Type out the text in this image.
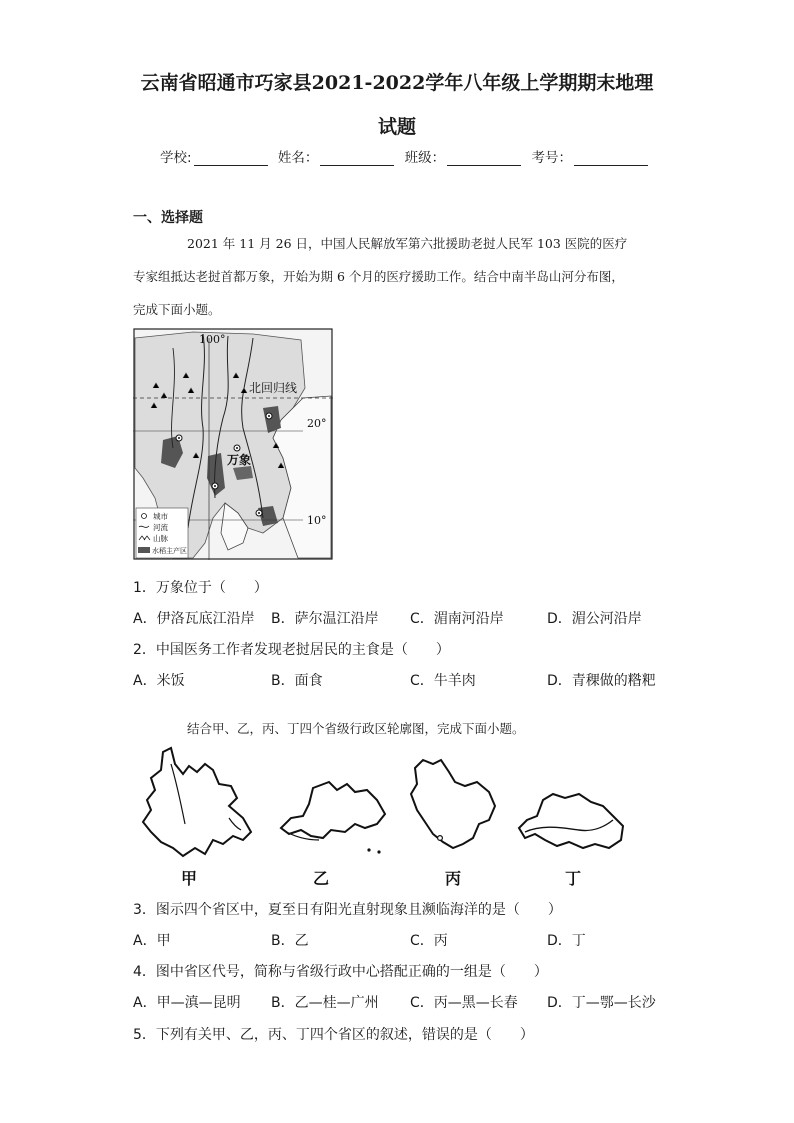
云南省昭通市巧家县2021-2022学年八年级上学期期末地理
试题
学校:	姓名：	班级：	考号：
一、选择题
2021 年 11 月 26 日，中国人民解放军第六批援助老挝人民军 103 医院的医疗
专家组抵达老挝首都万象，开始为期 6 个月的医疗援助工作。结合中南半岛山河分布图，
完成下面小题。
100°
北回归线
20°
10°
万象
城市
河流
山脉
水稻主产区
1．万象位于（　　）
A．伊洛瓦底江沿岸 B．萨尔温江沿岸 C．湄南河沿岸	D．湄公河沿岸
2．中国医务工作者发现老挝居民的主食是（　　）
A．米饭	B．面食	C．牛羊肉	D．青稞做的糌粑
结合甲、乙，丙、丁四个省级行政区轮廓图，完成下面小题。
甲	乙	丙	丁
3．图示四个省区中，夏至日有阳光直射现象且濒临海洋的是（　　）
A．甲	B．乙	C．丙	D．丁
4．图中省区代号，简称与省级行政中心搭配正确的一组是（　　）
A．甲—滇—昆明 B．乙—桂—广州 C．丙—黑—长春 D．丁—鄂—长沙
5．下列有关甲、乙，丙、丁四个省区的叙述，错误的是（　　）
